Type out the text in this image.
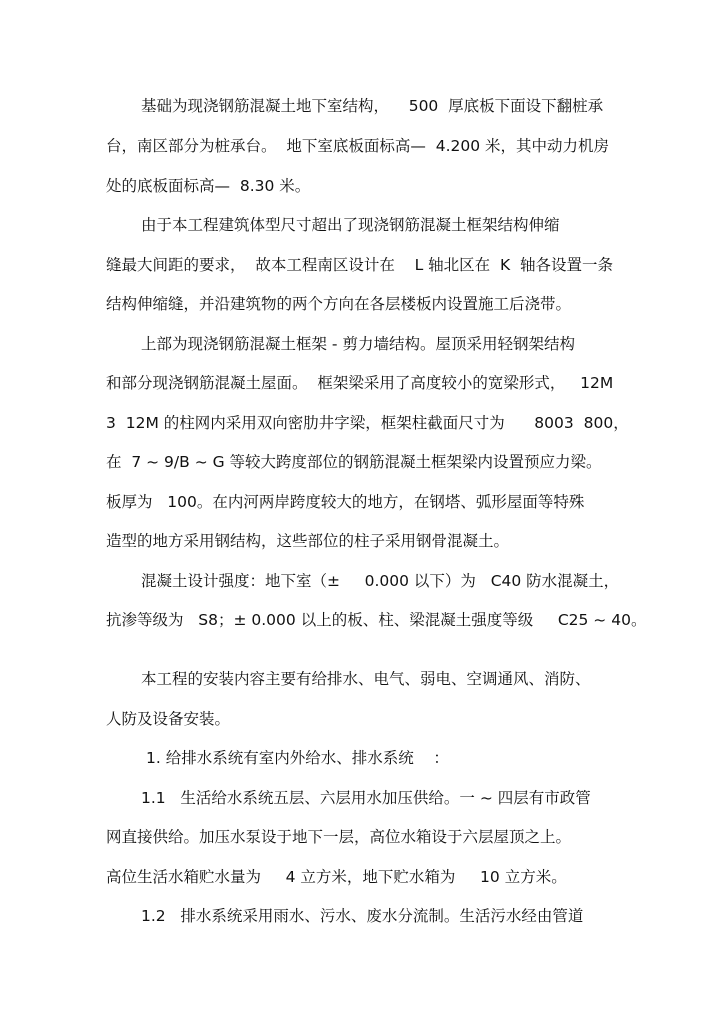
基础为现浇钢筋混凝土地下室结构，    500  厚底板下面设下翻桩承
台，南区部分为桩承台。  地下室底板面标高—  4.200 米，其中动力机房
处的底板面标高—  8.30 米。
由于本工程建筑体型尺寸超出了现浇钢筋混凝土框架结构伸缩
缝最大间距的要求，  故本工程南区设计在    L 轴北区在  K  轴各设置一条
结构伸缩缝，并沿建筑物的两个方向在各层楼板内设置施工后浇带。
上部为现浇钢筋混凝土框架 - 剪力墙结构。屋顶采用轻钢架结构
和部分现浇钢筋混凝土屋面。  框架梁采用了高度较小的宽梁形式，   12M
3  12M 的柱网内采用双向密肋井字梁，框架柱截面尺寸为      8003  800，
在  7 ~ 9/B ~ G 等较大跨度部位的钢筋混凝土框架梁内设置预应力梁。
板厚为   100。在内河两岸跨度较大的地方，在钢塔、弧形屋面等特殊
造型的地方采用钢结构，这些部位的柱子采用钢骨混凝土。
混凝土设计强度：地下室（±     0.000 以下）为   C40 防水混凝土，
抗渗等级为   S8；± 0.000 以上的板、柱、梁混凝土强度等级     C25 ~ 40。
本工程的安装内容主要有给排水、电气、弱电、空调通风、消防、
人防及设备安装。
1. 给排水系统有室内外给水、排水系统    ：
1.1   生活给水系统五层、六层用水加压供给。一 ~ 四层有市政管
网直接供给。加压水泵设于地下一层，高位水箱设于六层屋顶之上。
高位生活水箱贮水量为     4 立方米，地下贮水箱为     10 立方米。
1.2   排水系统采用雨水、污水、废水分流制。生活污水经由管道
